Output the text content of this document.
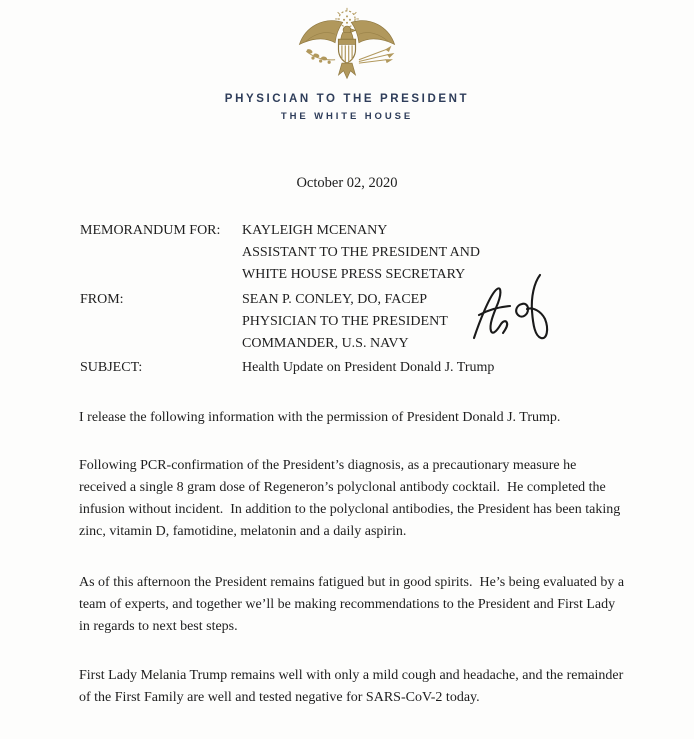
PHYSICIAN TO THE PRESIDENT
THE WHITE HOUSE
October 02, 2020
MEMORANDUM FOR: KAYLEIGH MCENANY
ASSISTANT TO THE PRESIDENT AND
WHITE HOUSE PRESS SECRETARY
FROM:	SEAN P. CONLEY, DO, FACEP
PHYSICIAN TO THE PRESIDENT
COMMANDER, U.S. NAVY
SUBJECT:	Health Update on President Donald J. Trump
I release the following information with the permission of President Donald J. Trump.
Following PCR-confirmation of the President’s diagnosis, as a precautionary measure he
received a single 8 gram dose of Regeneron’s polyclonal antibody cocktail.  He completed the
infusion without incident.  In addition to the polyclonal antibodies, the President has been taking
zinc, vitamin D, famotidine, melatonin and a daily aspirin.
As of this afternoon the President remains fatigued but in good spirits.  He’s being evaluated by a
team of experts, and together we’ll be making recommendations to the President and First Lady
in regards to next best steps.
First Lady Melania Trump remains well with only a mild cough and headache, and the remainder
of the First Family are well and tested negative for SARS-CoV-2 today.
